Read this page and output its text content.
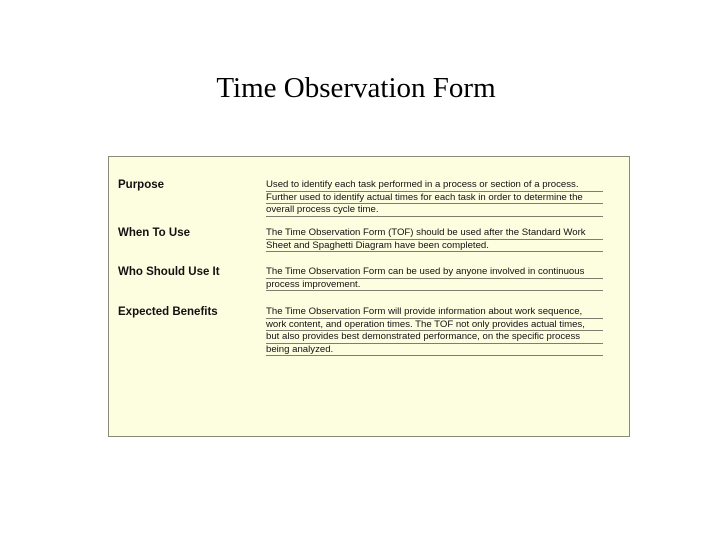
Time Observation Form
Purpose	Used to identify each task performed in a process or section of a process.
Further used to identify actual times for each task in order to determine the
overall process cycle time.
When To Use	The Time Observation Form (TOF) should be used after the Standard Work
Sheet and Spaghetti Diagram have been completed.
Who Should Use It	The Time Observation Form can be used by anyone involved in continuous
process improvement.
Expected Benefits	The Time Observation Form will provide information about work sequence,
work content, and operation times. The TOF not only provides actual times,
but also provides best demonstrated performance, on the specific process
being analyzed.
